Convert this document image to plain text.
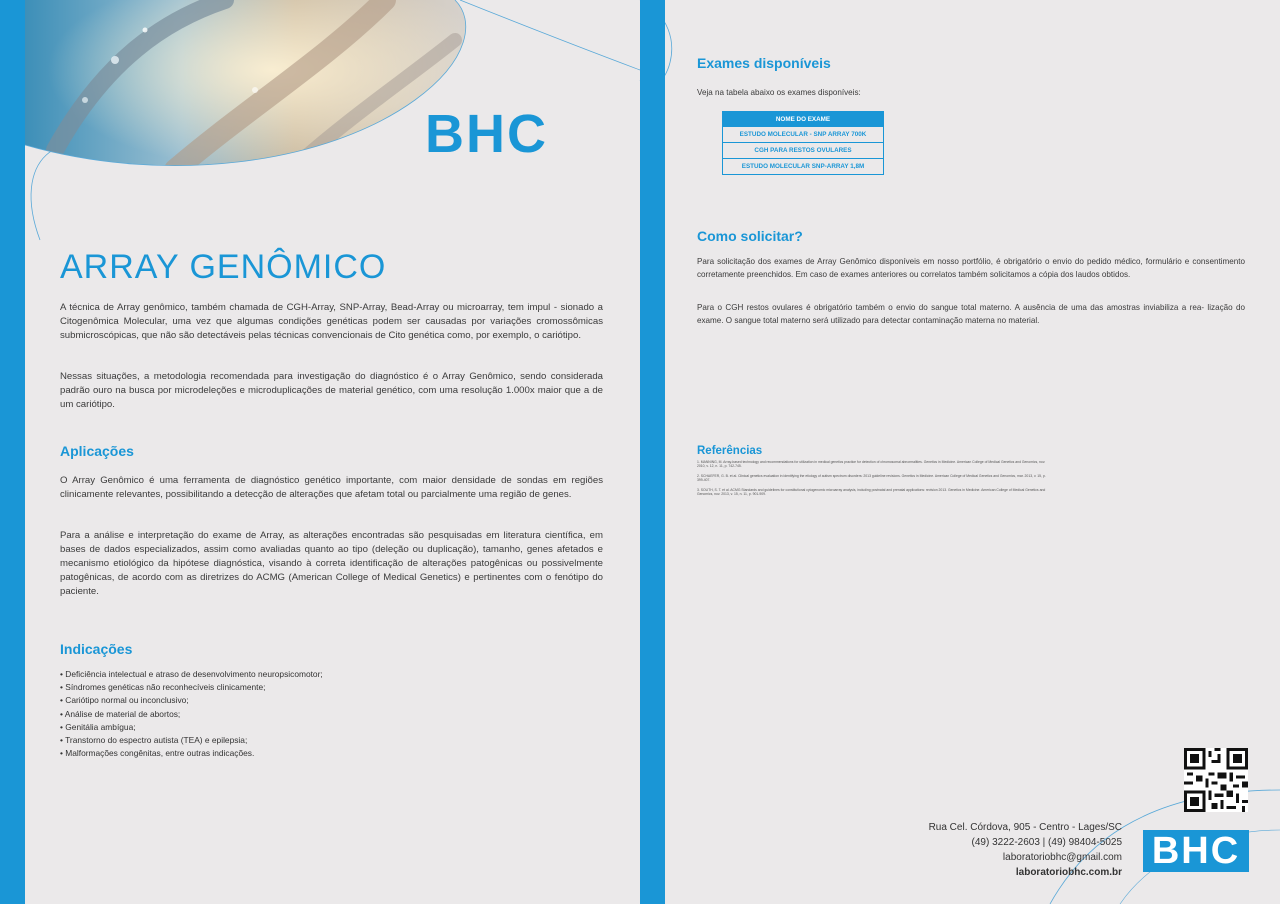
BHC
ARRAY GENÔMICO

A técnica de Array genômico, também chamada de CGH-Array, SNP-Array, Bead-Array ou microarray, tem impul - sionado a Citogenômica Molecular, uma vez que algumas condições genéticas podem ser causadas por variações cromossômicas submicroscópicas, que não são detectáveis pelas técnicas convencionais de Cito genética como, por exemplo, o cariótipo.

Nessas situações, a metodologia recomendada para investigação do diagnóstico é o Array Genômico, sendo considerada padrão ouro na busca por microdeleções e microduplicações de material genético, com uma resolução 1.000x maior que a de um cariótipo.

Aplicações

O Array Genômico é uma ferramenta de diagnóstico genético importante, com maior densidade de sondas em regiões clinicamente relevantes, possibilitando a detecção de alterações que afetam total ou parcialmente uma região de genes.

Para a análise e interpretação do exame de Array, as alterações encontradas são pesquisadas em literatura científica, em bases de dados especializados, assim como avaliadas quanto ao tipo (deleção ou duplicação), tamanho, genes afetados e mecanismo etiológico da hipótese diagnóstica, visando à correta identificação de alterações patogênicas ou possivelmente patogênicas, de acordo com as diretrizes do ACMG (American College of Medical Genetics) e pertinentes com o fenótipo do paciente.

Indicações
• Deficiência intelectual e atraso de desenvolvimento neuropsicomotor;
• Síndromes genéticas não reconhecíveis clinicamente;
• Cariótipo normal ou inconclusivo;
• Análise de material de abortos;
• Genitália ambígua;
• Transtorno do espectro autista (TEA) e epilepsia;
• Malformações congênitas, entre outras indicações.
Exames disponíveis

Veja na tabela abaixo os exames disponíveis:

NOME DO EXAME
ESTUDO MOLECULAR - SNP ARRAY 700K
CGH PARA RESTOS OVULARES
ESTUDO MOLECULAR SNP-ARRAY 1,8M
Como solicitar?

Para solicitação dos exames de Array Genômico disponíveis em nosso portfólio, é obrigatório o envio do pedido médico, formulário e consentimento corretamente preenchidos. Em caso de exames anteriores ou correlatos também solicitamos a cópia dos laudos obtidos.

Para o CGH restos ovulares é obrigatório também o envio do sangue total materno. A ausência de uma das amostras inviabiliza a rea- lização do exame. O sangue total materno será utilizado para detectar contaminação materna no material.

Referências

1. MANNING, M. Array-based technology and recommendations for utilization in medical genetics practice for detection of chromosomal abnormalities. Genetics in Medicine. American College of Medical Genetics and Genomics, nov. 2010, v. 12, n. 11, p. 742-745.

2. SCHAEFER, G. B. et al. Clinical genetics evaluation in identifying the etiology of autism spectrum disorders: 2013 guideline revisions. Genetics in Medicine. American College of Medical Genetics and Genomics, mar. 2013, v. 15, p. 399-407.

3. SOUTH, S. T. et al. ACMG Standards and guidelines for constitutional cytogenomic microarray analysis, including postnatal and prenatal applications: revision 2013. Genetics in Medicine. American College of Medical Genetics and Genomics, nov. 2013, v. 15, n. 11, p. 901-909.

Rua Cel. Córdova, 905 - Centro - Lages/SC
(49) 3222-2603 | (49) 98404-5025
laboratoriobhc@gmail.com
laboratoriobhc.com.br
BHC
